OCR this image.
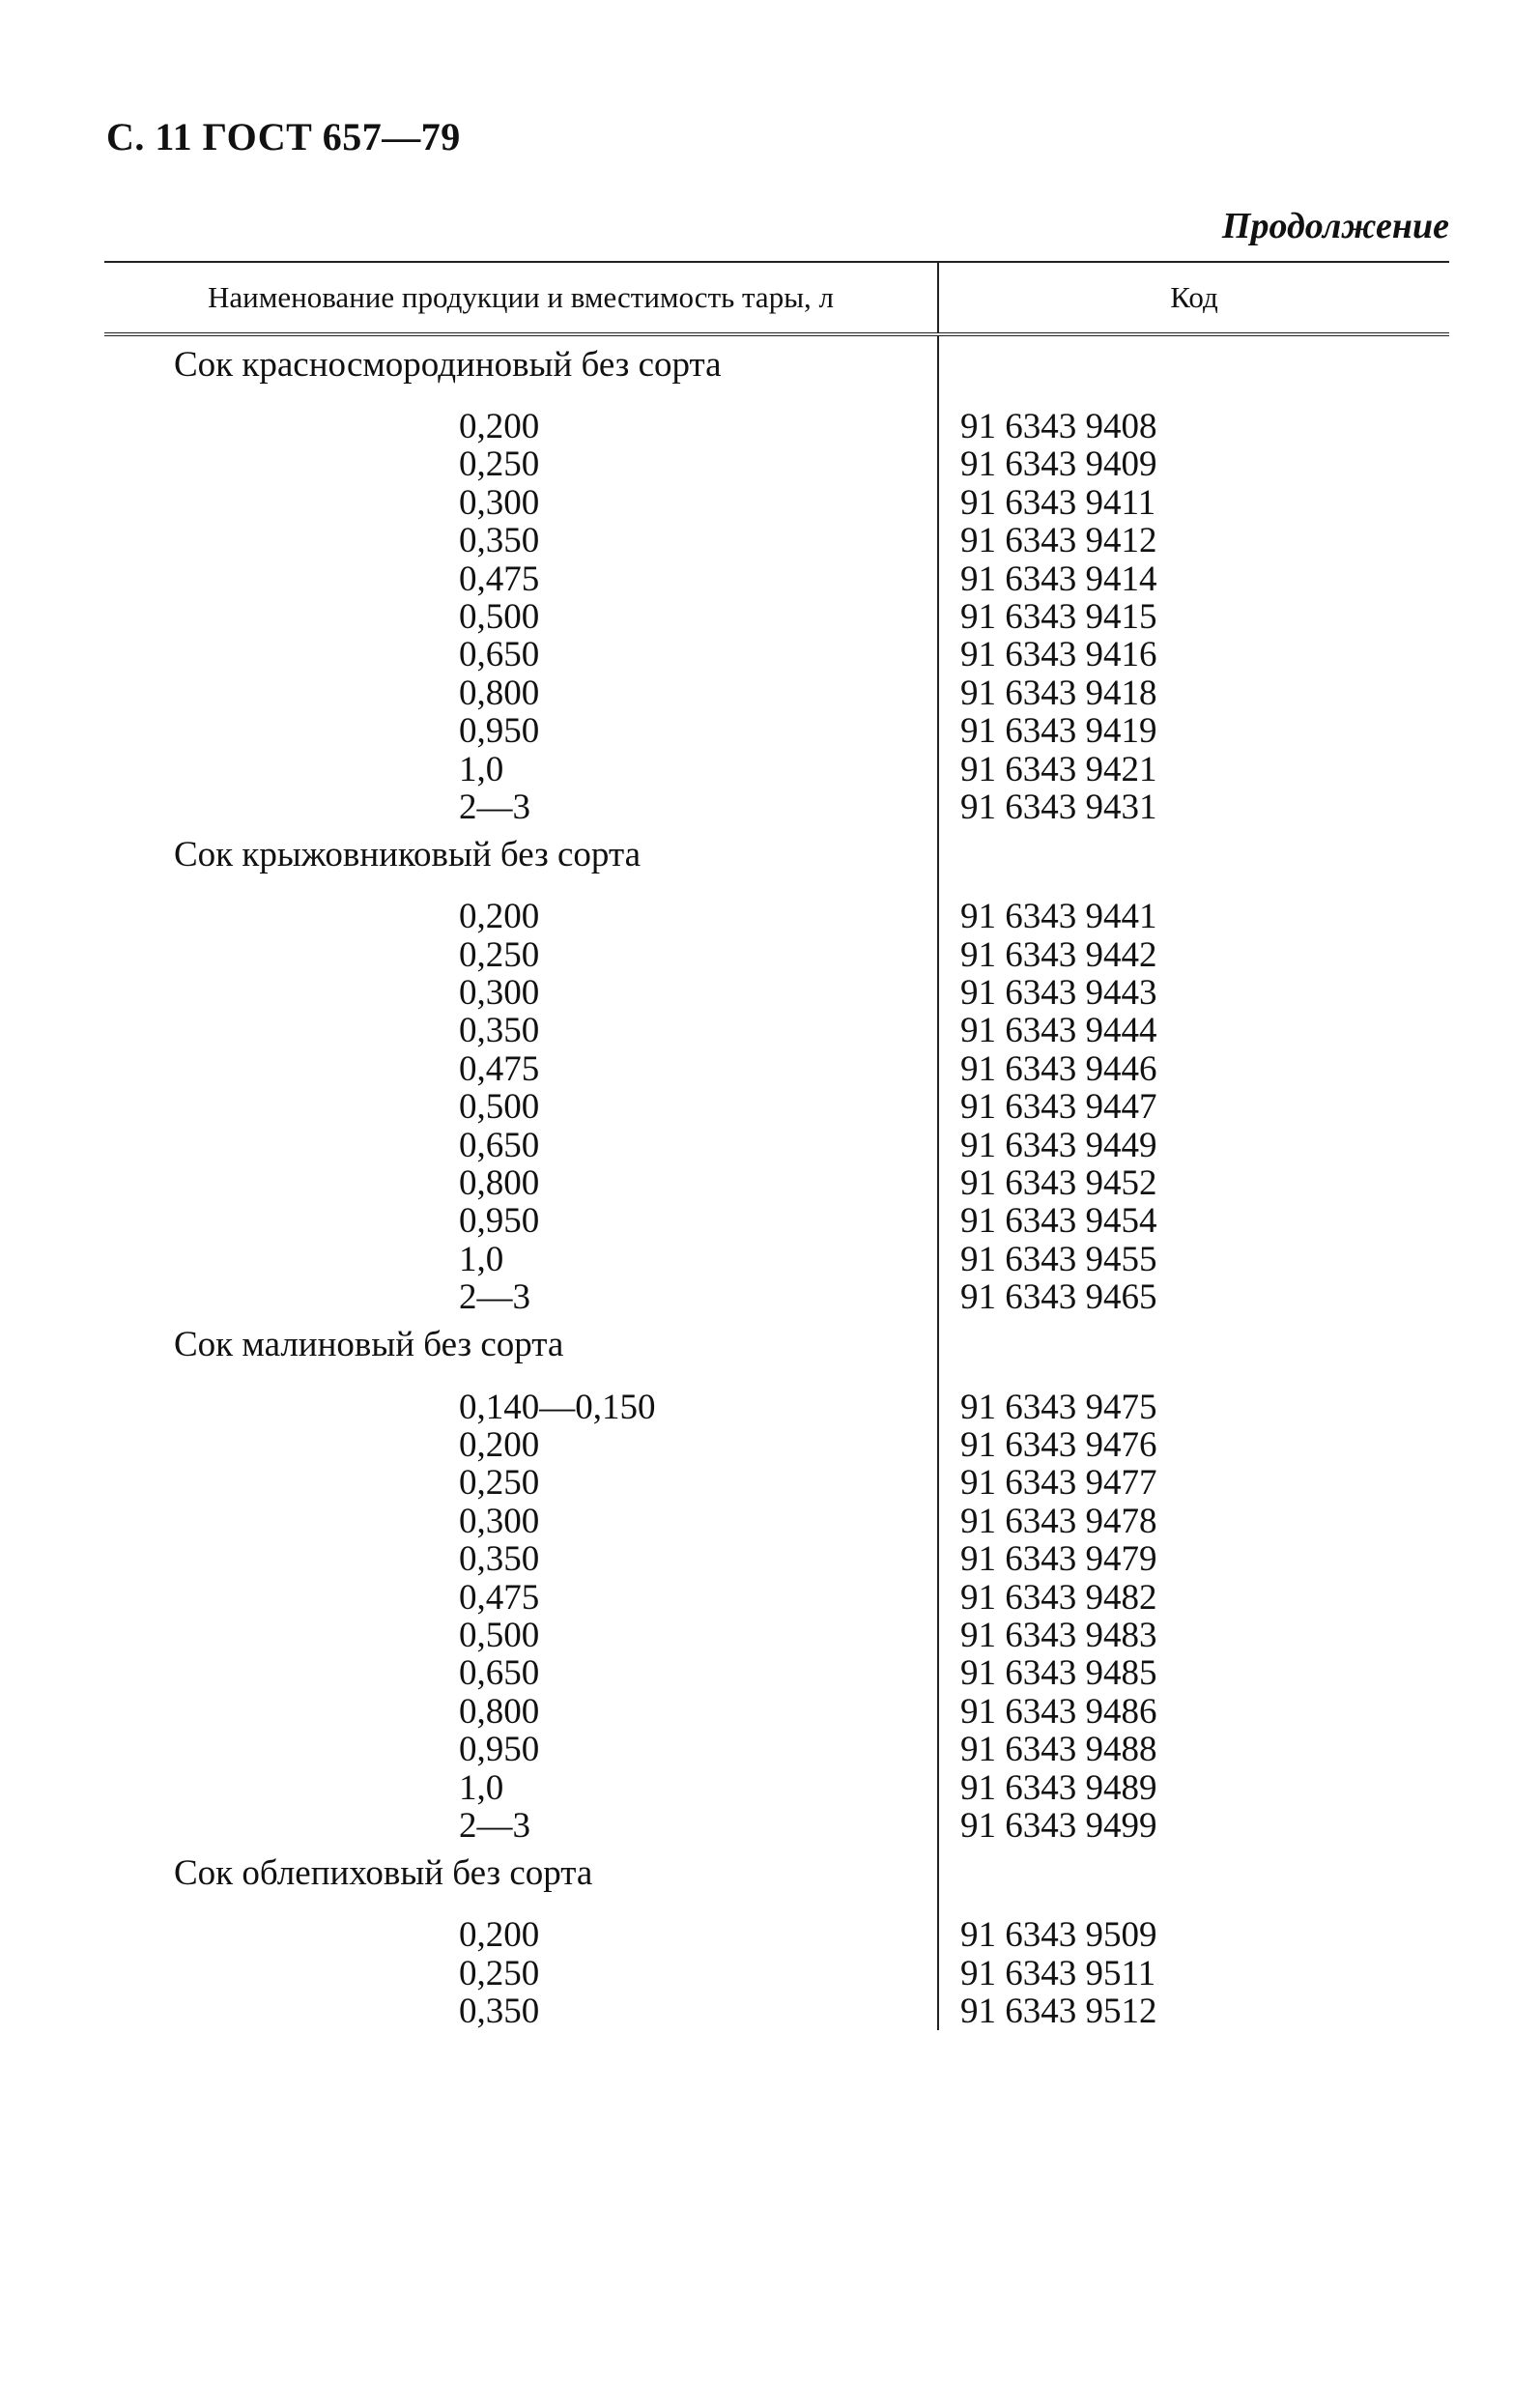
С. 11 ГОСТ 657—79
Продолжение
Наименование продукции и вместимость тары, л	Код
Сок красносмородиновый без сорта
0,200
0,250
0,300
0,350
0,475
0,500
0,650
0,800
0,950
1,0
2—3
Сок крыжовниковый без сорта
0,200
0,250
0,300
0,350
0,475
0,500
0,650
0,800
0,950
1,0
2—3
Сок малиновый без сорта
0,140—0,150
0,200
0,250
0,300
0,350
0,475
0,500
0,650
0,800
0,950
1,0
2—3
Сок облепиховый без сорта
0,200
0,250
0,350
91 6343 9408
91 6343 9409
91 6343 9411
91 6343 9412
91 6343 9414
91 6343 9415
91 6343 9416
91 6343 9418
91 6343 9419
91 6343 9421
91 6343 9431
91 6343 9441
91 6343 9442
91 6343 9443
91 6343 9444
91 6343 9446
91 6343 9447
91 6343 9449
91 6343 9452
91 6343 9454
91 6343 9455
91 6343 9465
91 6343 9475
91 6343 9476
91 6343 9477
91 6343 9478
91 6343 9479
91 6343 9482
91 6343 9483
91 6343 9485
91 6343 9486
91 6343 9488
91 6343 9489
91 6343 9499
91 6343 9509
91 6343 9511
91 6343 9512
